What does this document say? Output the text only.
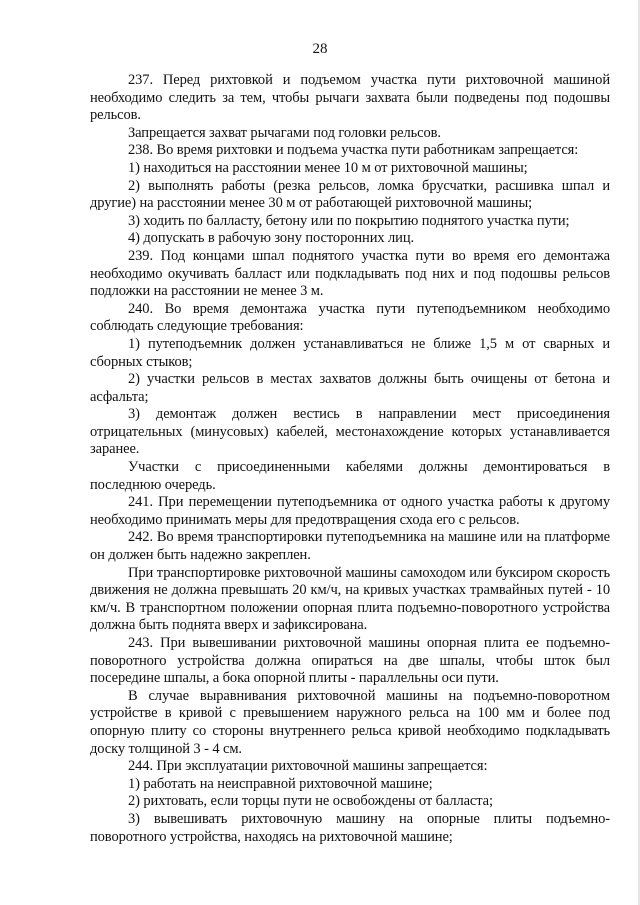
28

237. Перед рихтовкой и подъемом участка пути рихтовочной машиной необходимо следить за тем, чтобы рычаги захвата были подведены под подошвы рельсов.

Запрещается захват рычагами под головки рельсов.

238. Во время рихтовки и подъема участка пути работникам запрещается:

1) находиться на расстоянии менее 10 м от рихтовочной машины;

2) выполнять работы (резка рельсов, ломка брусчатки, расшивка шпал и другие) на расстоянии менее 30 м от работающей рихтовочной машины;

3) ходить по балласту, бетону или по покрытию поднятого участка пути;

4) допускать в рабочую зону посторонних лиц.

239. Под концами шпал поднятого участка пути во время его демонтажа необходимо окучивать балласт или подкладывать под них и под подошвы рельсов подложки на расстоянии не менее 3 м.

240. Во время демонтажа участка пути путеподъемником необходимо соблюдать следующие требования:

1) путеподъемник должен устанавливаться не ближе 1,5 м от сварных и сборных стыков;

2) участки рельсов в местах захватов должны быть очищены от бетона и асфальта;

3) демонтаж должен вестись в направлении мест присоединения отрицательных (минусовых) кабелей, местонахождение которых устанавливается заранее.

Участки с присоединенными кабелями должны демонтироваться в последнюю очередь.

241. При перемещении путеподъемника от одного участка работы к другому необходимо принимать меры для предотвращения схода его с рельсов.

242. Во время транспортировки путеподъемника на машине или на платформе он должен быть надежно закреплен.

При транспортировке рихтовочной машины самоходом или буксиром скорость движения не должна превышать 20 км/ч, на кривых участках трамвайных путей - 10 км/ч. В транспортном положении опорная плита подъемно-поворотного устройства должна быть поднята вверх и зафиксирована.

243. При вывешивании рихтовочной машины опорная плита ее подъемно-поворотного устройства должна опираться на две шпалы, чтобы шток был посередине шпалы, а бока опорной плиты - параллельны оси пути.

В случае выравнивания рихтовочной машины на подъемно-поворотном устройстве в кривой с превышением наружного рельса на 100 мм и более под опорную плиту со стороны внутреннего рельса кривой необходимо подкладывать доску толщиной 3 - 4 см.

244. При эксплуатации рихтовочной машины запрещается:

1) работать на неисправной рихтовочной машине;

2) рихтовать, если торцы пути не освобождены от балласта;

3) вывешивать рихтовочную машину на опорные плиты подъемно-поворотного устройства, находясь на рихтовочной машине;
